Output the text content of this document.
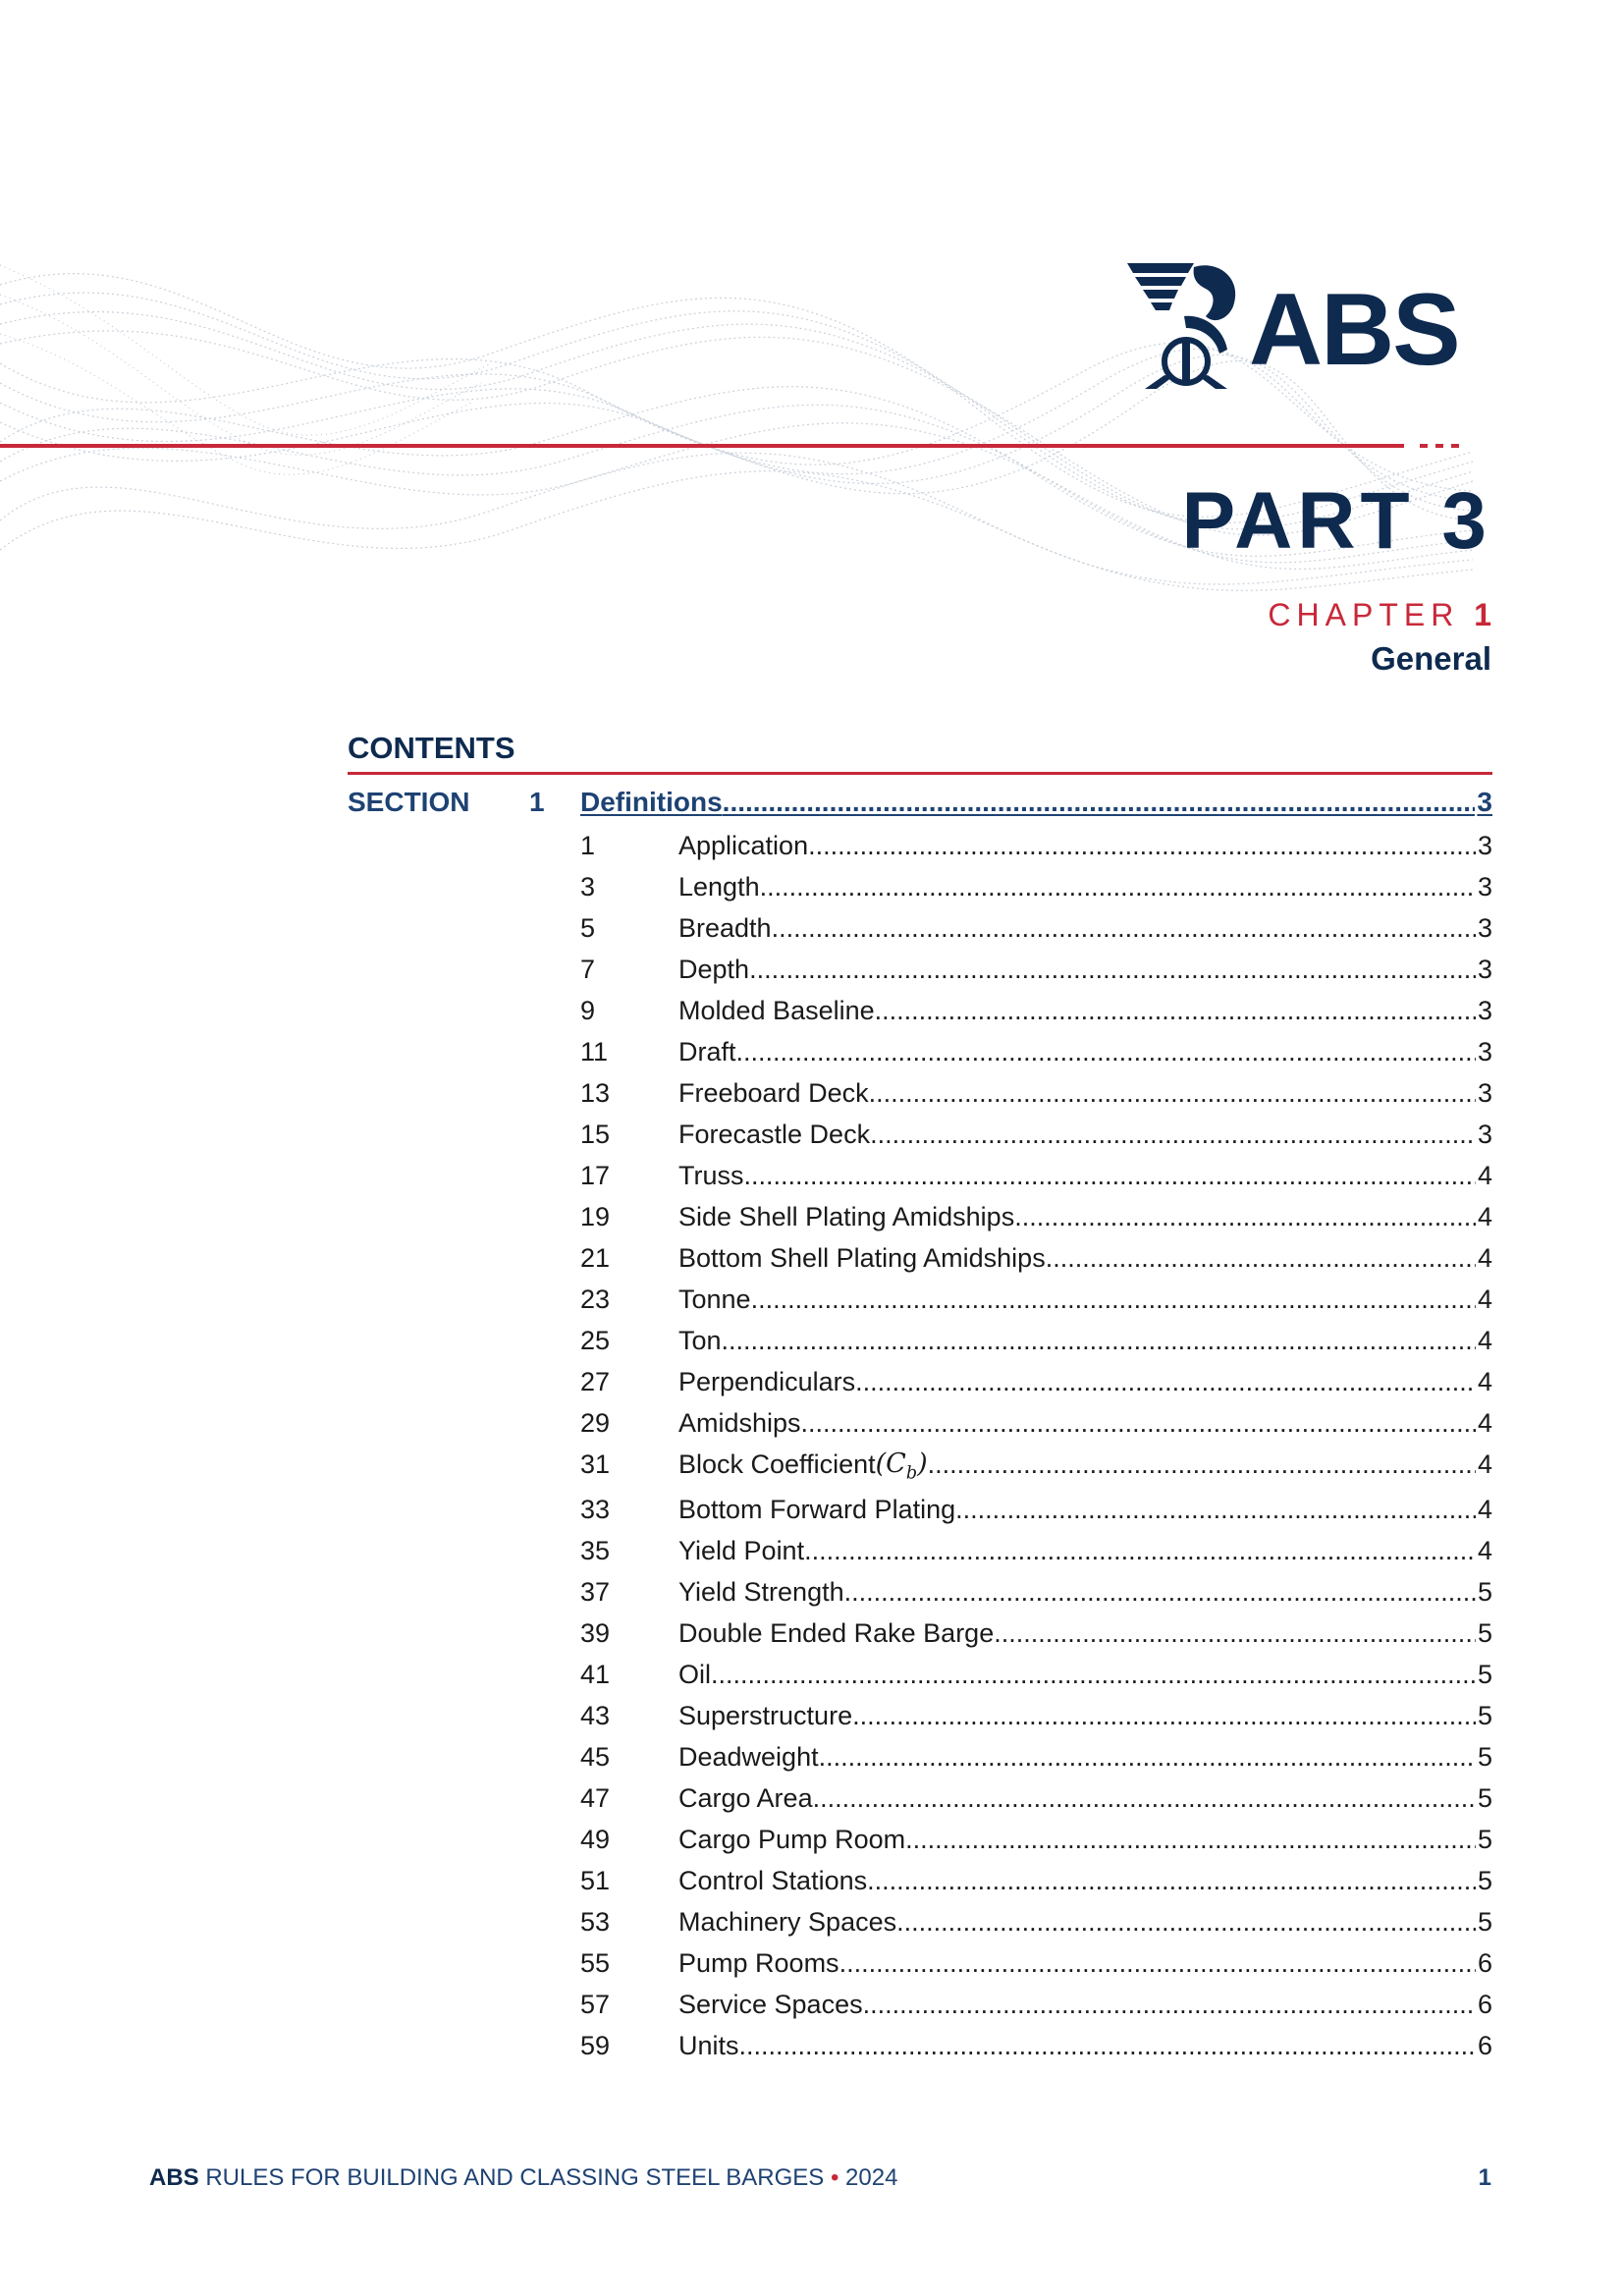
ABS
PART 3
CHAPTER 1
General
CONTENTS
SECTION 1 Definitions .....	3
1	Application .....	3
3	Length .....	3
5	Breadth .....	3
7	Depth .....	3
9	Molded Baseline .....	3
11	Draft .....	3
13	Freeboard Deck .....	3
15	Forecastle Deck .....	3
17	Truss .....	4
19	Side Shell Plating Amidships .....	4
21	Bottom Shell Plating Amidships .....	4
23	Tonne .....	4
25	Ton .....	4
27	Perpendiculars .....	4
29	Amidships .....	4
31	Block Coefficient $(C_b)$ .....	4
33	Bottom Forward Plating .....	4
35	Yield Point .....	4
37	Yield Strength .....	5
39	Double Ended Rake Barge .....	5
41	Oil .....	5
43	Superstructure .....	5
45	Deadweight .....	5
47	Cargo Area .....	5
49	Cargo Pump Room .....	5
51	Control Stations .....	5
53	Machinery Spaces .....	5
55	Pump Rooms .....	6
57	Service Spaces .....	6
59	Units .....	6
ABS RULES FOR BUILDING AND CLASSING STEEL BARGES • 2024	1
